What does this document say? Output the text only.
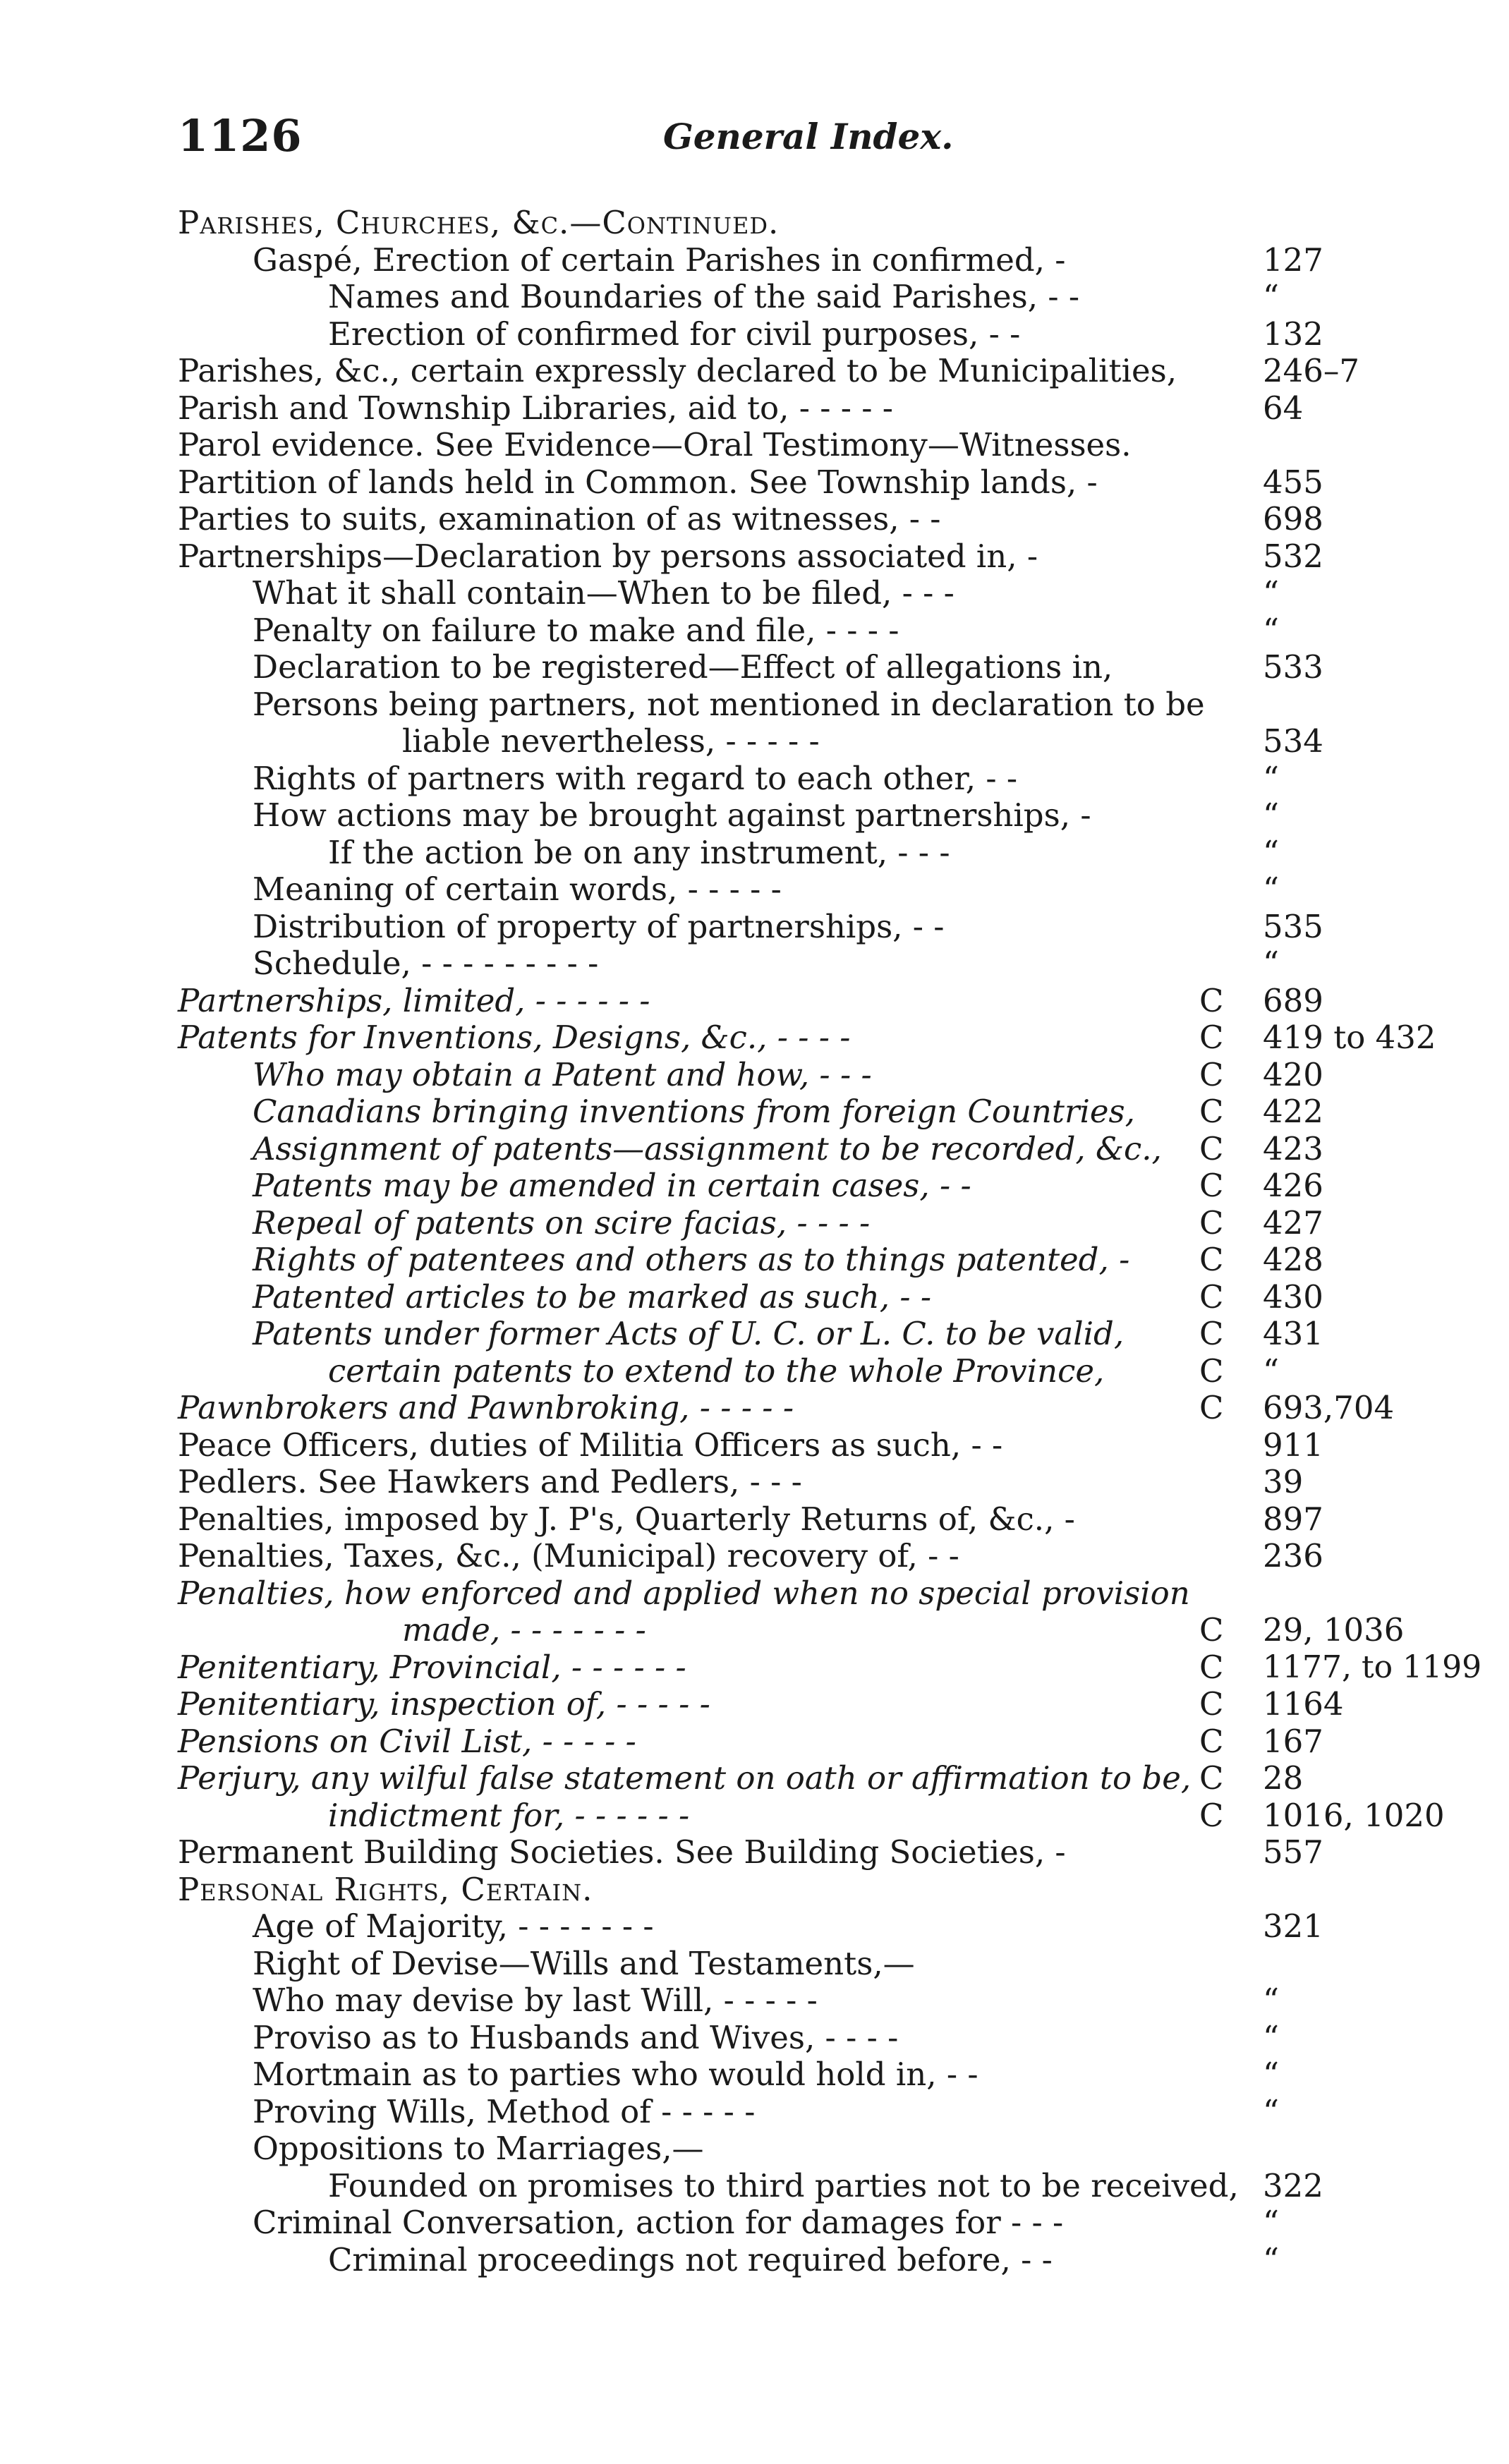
1126	General Index.
Parishes, Churches, &c.—Continued.
Gaspé, Erection of certain Parishes in confirmed, -	127
Names and Boundaries of the said Parishes, - -	“
Erection of confirmed for civil purposes, - -	132
Parishes, &c., certain expressly declared to be Municipalities,	246–7
Parish and Township Libraries, aid to, - - - - -	64
Parol evidence. See Evidence—Oral Testimony—Witnesses.
Partition of lands held in Common. See Township lands, -	455
Parties to suits, examination of as witnesses, - -	698
Partnerships—Declaration by persons associated in, -	532
What it shall contain—When to be filed, - - -	“
Penalty on failure to make and file, - - - -	“
Declaration to be registered—Effect of allegations in,	533
Persons being partners, not mentioned in declaration to be
liable nevertheless, - - - - -	534
Rights of partners with regard to each other, - -	“
How actions may be brought against partnerships, -	“
If the action be on any instrument, - - -	“
Meaning of certain words, - - - - -	“
Distribution of property of partnerships, - -	535
Schedule, - - - - - - - - -	“
Partnerships, limited, - - - - - -	C 689
Patents for Inventions, Designs, &c., - - - -	C 419 to 432
Who may obtain a Patent and how, - - -	C 420
Canadians bringing inventions from foreign Countries, C 422
Assignment of patents—assignment to be recorded, &c., C 423
Patents may be amended in certain cases, - -	C 426
Repeal of patents on scire facias, - - - -	C 427
Rights of patentees and others as to things patented, - C 428
Patented articles to be marked as such, - -	C 430
Patents under former Acts of U. C. or L. C. to be valid, C 431
certain patents to extend to the whole Province,	C “
Pawnbrokers and Pawnbroking, - - - - -	C 693,704
Peace Officers, duties of Militia Officers as such, - -	911
Pedlers. See Hawkers and Pedlers, - - -	39
Penalties, imposed by J. P's, Quarterly Returns of, &c., -	897
Penalties, Taxes, &c., (Municipal) recovery of, - -	236
Penalties, how enforced and applied when no special provision
made, - - - - - - -	C 29, 1036
Penitentiary, Provincial, - - - - - -	C 1177, to 1199
Penitentiary, inspection of, - - - - -	C 1164
Pensions on Civil List, - - - - -	C 167
Perjury, any wilful false statement on oath or affirmation to be, C 28
indictment for, - - - - - -	C 1016, 1020
Permanent Building Societies. See Building Societies, -	557
Personal Rights, Certain.
Age of Majority, - - - - - - -	321
Right of Devise—Wills and Testaments,—
Who may devise by last Will, - - - - -	“
Proviso as to Husbands and Wives, - - - -	“
Mortmain as to parties who would hold in, - -	“
Proving Wills, Method of - - - - -	“
Oppositions to Marriages,—
Founded on promises to third parties not to be received, 322
Criminal Conversation, action for damages for - - -	“
Criminal proceedings not required before, - -	“
